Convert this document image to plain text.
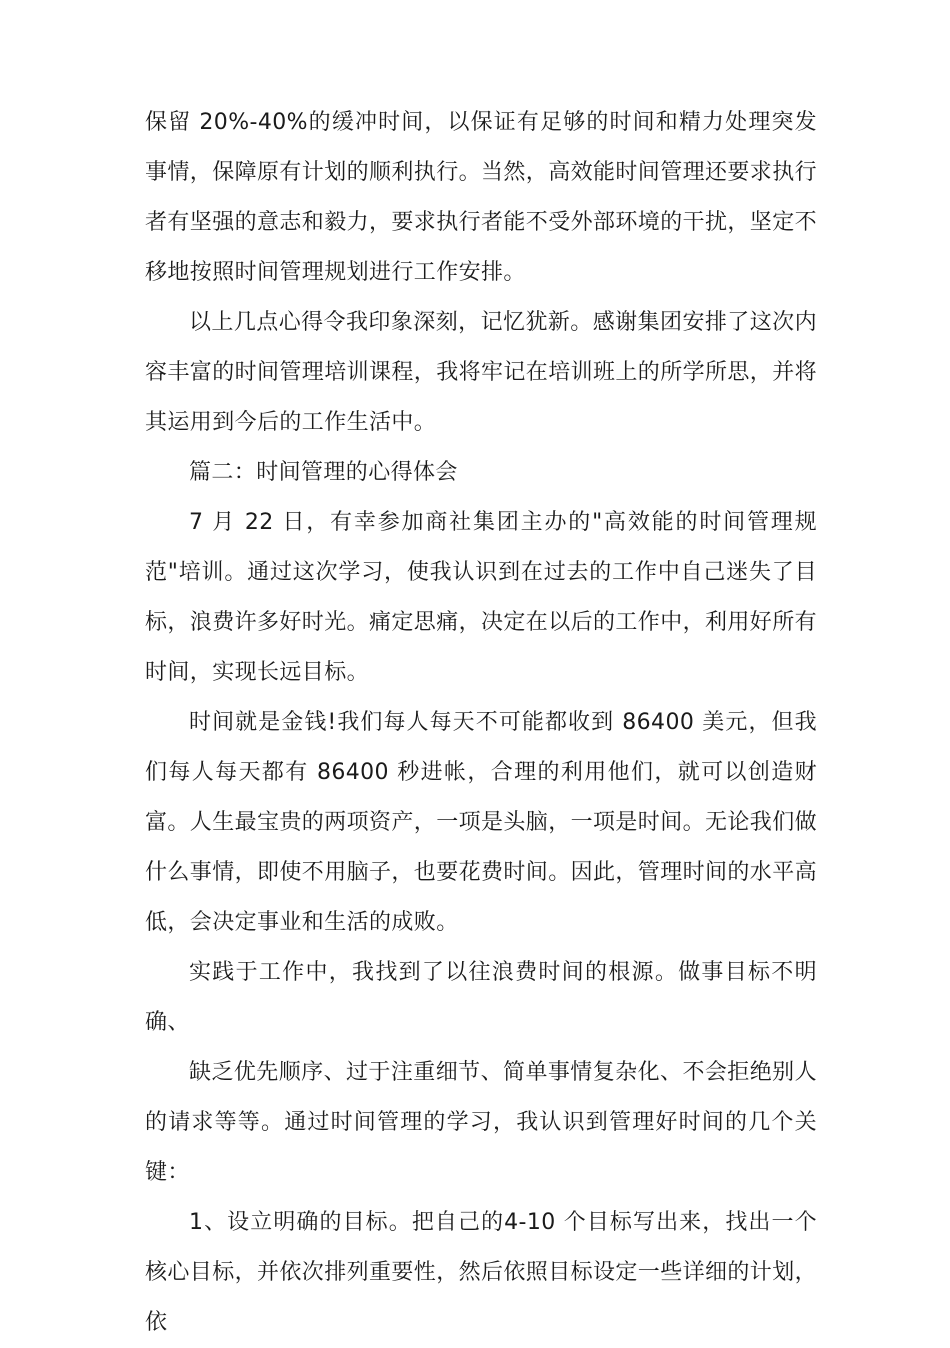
保留 20%-40%的缓冲时间，以保证有足够的时间和精力处理突发事情，保障原有计划的顺利执行。当然，高效能时间管理还要求执行者有坚强的意志和毅力，要求执行者能不受外部环境的干扰，坚定不移地按照时间管理规划进行工作安排。

以上几点心得令我印象深刻，记忆犹新。感谢集团安排了这次内容丰富的时间管理培训课程，我将牢记在培训班上的所学所思，并将其运用到今后的工作生活中。

篇二：时间管理的心得体会

7 月 22 日，有幸参加商社集团主办的"高效能的时间管理规范"培训。通过这次学习，使我认识到在过去的工作中自己迷失了目标，浪费许多好时光。痛定思痛，决定在以后的工作中，利用好所有时间，实现长远目标。

时间就是金钱!我们每人每天不可能都收到 86400 美元，但我们每人每天都有 86400 秒进帐，合理的利用他们，就可以创造财富。人生最宝贵的两项资产，一项是头脑，一项是时间。无论我们做什么事情，即使不用脑子，也要花费时间。因此，管理时间的水平高低，会决定事业和生活的成败。

实践于工作中，我找到了以往浪费时间的根源。做事目标不明确、

缺乏优先顺序、过于注重细节、简单事情复杂化、不会拒绝别人的请求等等。通过时间管理的学习，我认识到管理好时间的几个关键：

1、设立明确的目标。把自己的4-10 个目标写出来，找出一个核心目标，并依次排列重要性，然后依照目标设定一些详细的计划，依
